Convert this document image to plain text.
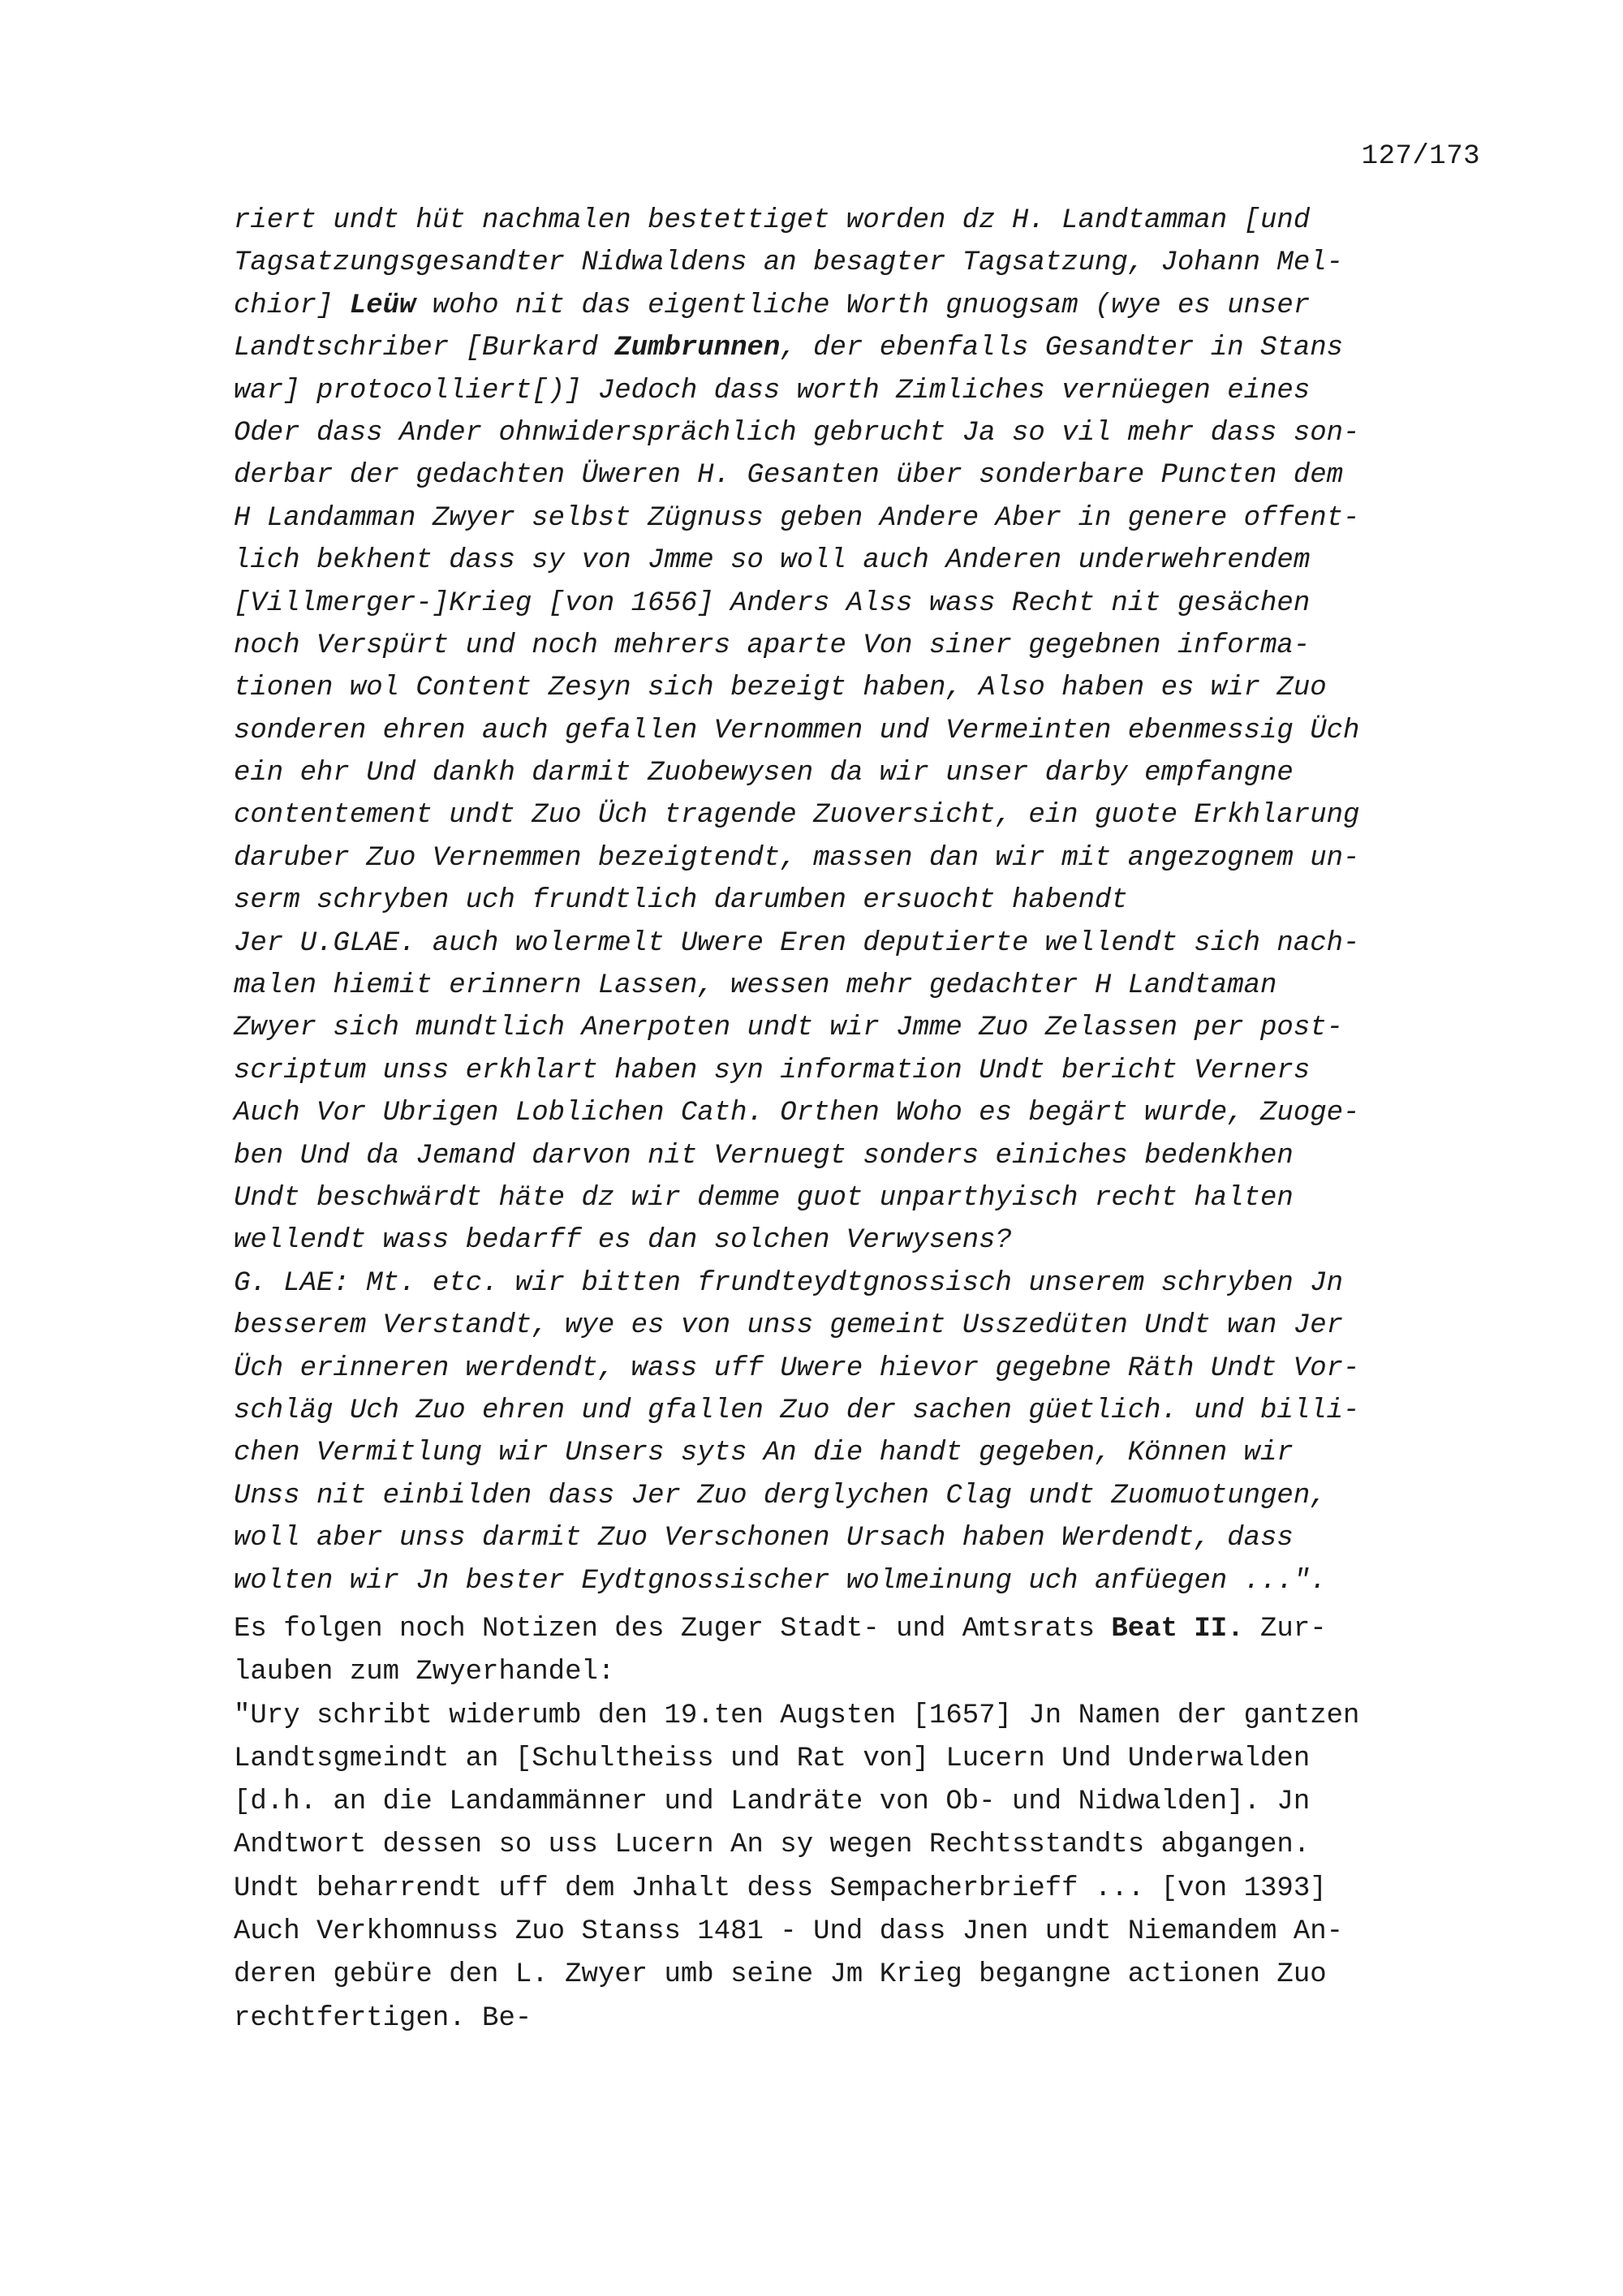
127/173
riert undt hüt nachmalen bestettiget worden dz H. Landtamman [und
Tagsatzungsgesandter Nidwaldens an besagter Tagsatzung, Johann Mel-
chior] Leüw woho nit das eigentliche Worth gnuogsam (wye es unser
Landtschriber [Burkard Zumbrunnen, der ebenfalls Gesandter in Stans
war] protocolliert[)] Jedoch dass worth Zimliches vernüegen eines
Oder dass Ander ohnwidersprächlich gebrucht Ja so vil mehr dass son-
derbar der gedachten Üweren H. Gesanten über sonderbare Puncten dem
H Landamman Zwyer selbst Zügnuss geben Andere Aber in genere offent-
lich bekhent dass sy von Jmme so woll auch Anderen underwehrendem
[Villmerger-]Krieg [von 1656] Anders Alss wass Recht nit gesächen
noch Verspürt und noch mehrers aparte Von siner gegebnen informa-
tionen wol Content Zesyn sich bezeigt haben, Also haben es wir Zuo
sonderen ehren auch gefallen Vernommen und Vermeinten ebenmessig Üch
ein ehr Und dankh darmit Zuobewysen da wir unser darby empfangne
contentement undt Zuo Üch tragende Zuoversicht, ein guote Erkhlarung
daruber Zuo Vernemmen bezeigtendt, massen dan wir mit angezognem un-
serm schryben uch frundtlich darumben ersuocht habendt
Jer U.GLAE. auch wolermelt Uwere Eren deputierte wellendt sich nach-
malen hiemit erinnern Lassen, wessen mehr gedachter H Landtaman
Zwyer sich mundtlich Anerpoten undt wir Jmme Zuo Zelassen per post-
scriptum unss erkhlart haben syn information Undt bericht Verners
Auch Vor Ubrigen Loblichen Cath. Orthen Woho es begärt wurde, Zuoge-
ben Und da Jemand darvon nit Vernuegt sonders einiches bedenkhen
Undt beschwärdt häte dz wir demme guot unparthyisch recht halten
wellendt wass bedarff es dan solchen Verwysens?
G. LAE: Mt. etc. wir bitten frundteydtgnossisch unserem schryben Jn
besserem Verstandt, wye es von unss gemeint Usszedüten Undt wan Jer
Üch erinneren werdendt, wass uff Uwere hievor gegebne Räth Undt Vor-
schläg Uch Zuo ehren und gfallen Zuo der sachen güetlich. und billi-
chen Vermitlung wir Unsers syts An die handt gegeben, Können wir
Unss nit einbilden dass Jer Zuo derglychen Clag undt Zuomuotungen,
woll aber unss darmit Zuo Verschonen Ursach haben Werdendt, dass
wolten wir Jn bester Eydtgnossischer wolmeinung uch anfüegen ...".
Es folgen noch Notizen des Zuger Stadt- und Amtsrats Beat II. Zur-
lauben zum Zwyerhandel:
"Ury schribt widerumb den 19.ten Augsten [1657] Jn Namen der gantzen
Landtsgmeindt an [Schultheiss und Rat von] Lucern Und Underwalden
[d.h. an die Landammänner und Landräte von Ob- und Nidwalden]. Jn
Andtwort dessen so uss Lucern An sy wegen Rechtsstandts abgangen.
Undt beharrendt uff dem Jnhalt dess Sempacherbrieff ... [von 1393]
Auch Verkhomnuss Zuo Stanss 1481 - Und dass Jnen undt Niemandem An-
deren gebüre den L. Zwyer umb seine Jm Krieg begangne actionen Zuo
rechtfertigen. Be-
